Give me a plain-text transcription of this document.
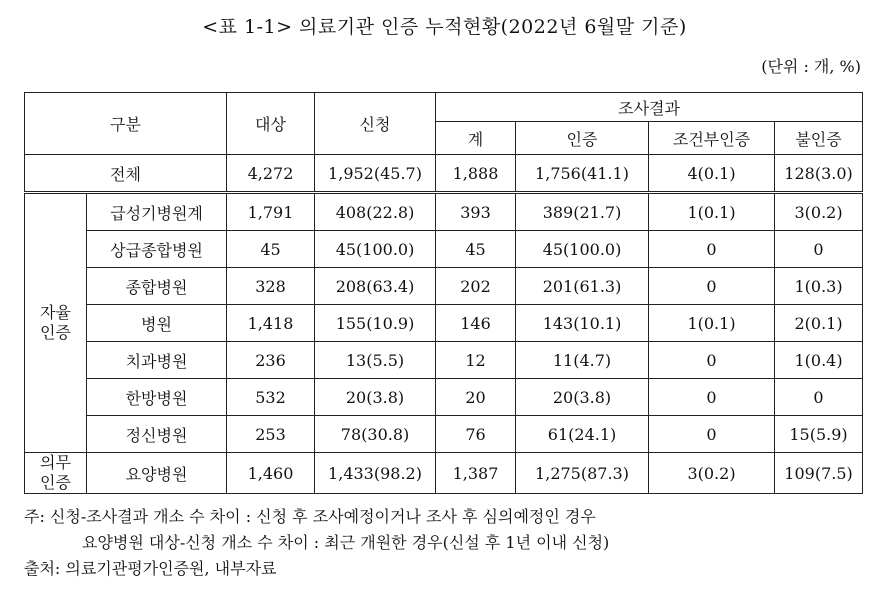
<표 1-1> 의료기관 인증 누적현황(2022년 6월말 기준)
(단위 : 개, %)
구분		대상	신청	조사결과			
				계	인증	조건부인증	불인증
전체		4,272	1,952(45.7)	1,888	1,756(41.1)	4(0.1)	128(3.0)
자율
인증	급성기병원계	1,791	408(22.8)	393	389(21.7)	1(0.1)	3(0.2)
	상급종합병원	45	45(100.0)	45	45(100.0)	0	0
	종합병원	328	208(63.4)	202	201(61.3)	0	1(0.3)
	병원	1,418	155(10.9)	146	143(10.1)	1(0.1)	2(0.1)
	치과병원	236	13(5.5)	12	11(4.7)	0	1(0.4)
	한방병원	532	20(3.8)	20	20(3.8)	0	0
	정신병원	253	78(30.8)	76	61(24.1)	0	15(5.9)
의무
인증	요양병원	1,460	1,433(98.2)	1,387	1,275(87.3)	3(0.2)	109(7.5)
주: 신청-조사결과 개소 수 차이 : 신청 후 조사예정이거나 조사 후 심의예정인 경우
요양병원 대상-신청 개소 수 차이 : 최근 개원한 경우(신설 후 1년 이내 신청)
출처: 의료기관평가인증원, 내부자료
